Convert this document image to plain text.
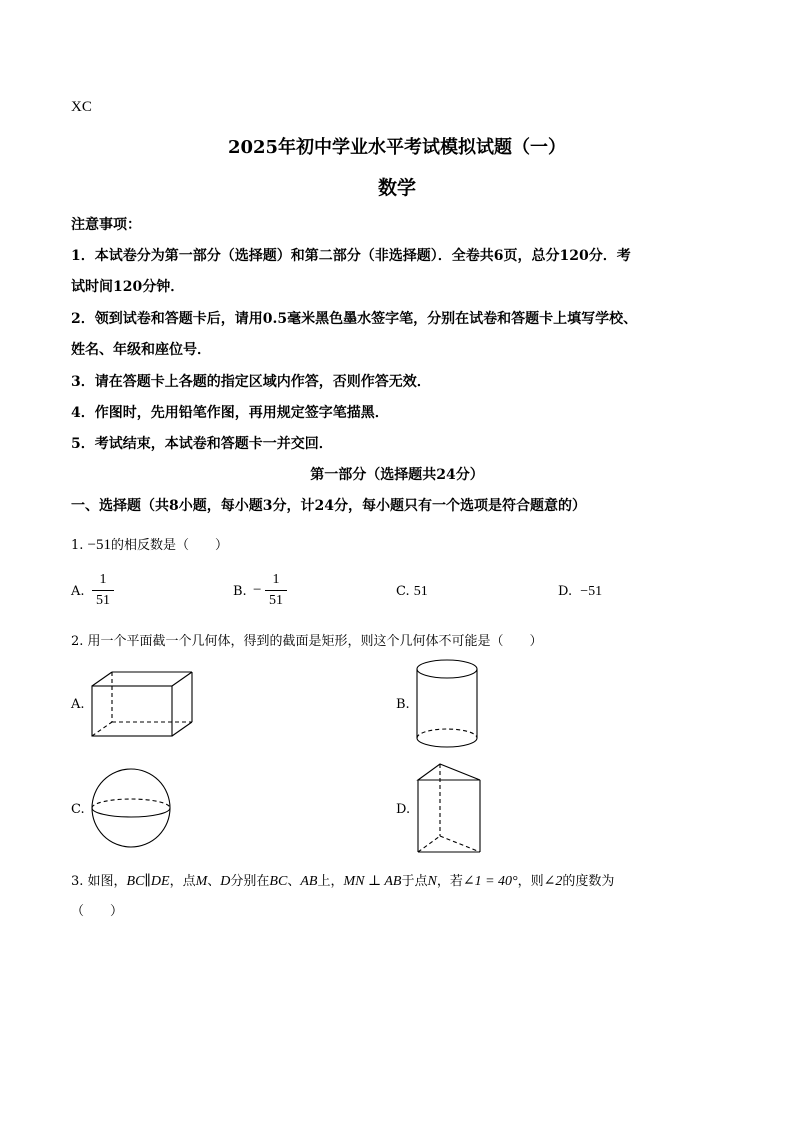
XC
2025年初中学业水平考试模拟试题（一）
数学
注意事项：
1．本试卷分为第一部分（选择题）和第二部分（非选择题）．全卷共6页，总分120分．考
试时间120分钟．
2．领到试卷和答题卡后，请用0.5毫米黑色墨水签字笔，分别在试卷和答题卡上填写学校、
姓名、年级和座位号．
3．请在答题卡上各题的指定区域内作答，否则作答无效．
4．作图时，先用铅笔作图，再用规定签字笔描黑．
5．考试结束，本试卷和答题卡一并交回．
第一部分（选择题共24分）
一、选择题（共8小题，每小题3分，计24分，每小题只有一个选项是符合题意的）
1. −51的相反数是（　　）
A.
1
51
B. −
1
51
C. 51	D. −51
2. 用一个平面截一个几何体，得到的截面是矩形，则这个几何体不可能是（　　）
A.	B.
C.	D.
3. 如图，BC∥DE，点M、D分别在BC、AB上，MN ⊥ AB于点N，若∠1 = 40°，则∠2的度数为
（　　）
